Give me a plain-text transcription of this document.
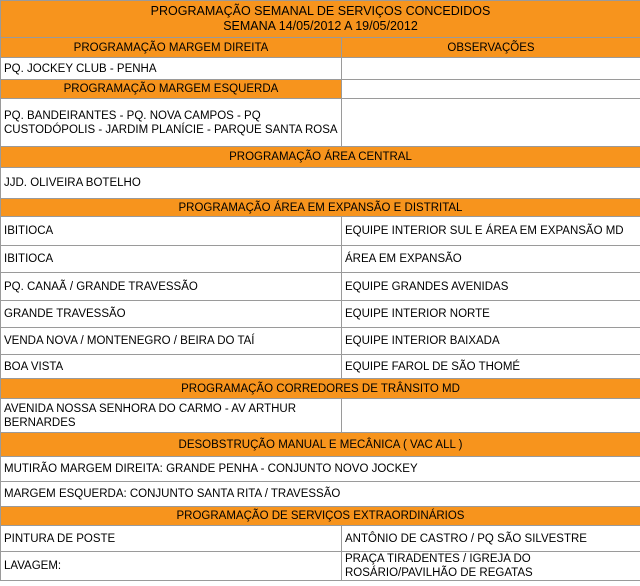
PROGRAMAÇÃO SEMANAL DE SERVIÇOS CONCEDIDOS
SEMANA 14/05/2012 A 19/05/2012	

PROGRAMAÇÃO MARGEM DIREITA	OBSERVAÇÕES
PQ. JOCKEY CLUB - PENHA	
PROGRAMAÇÃO MARGEM ESQUERDA	
PQ. BANDEIRANTES - PQ. NOVA CAMPOS - PQ CUSTODÓPOLIS - JARDIM PLANÍCIE - PARQUE SANTA ROSA	
PROGRAMAÇÃO ÁREA CENTRAL	
JJD. OLIVEIRA BOTELHO	
PROGRAMAÇÃO ÁREA EM EXPANSÃO E DISTRITAL	
IBITIOCA	EQUIPE INTERIOR SUL E ÁREA EM EXPANSÃO MD
IBITIOCA	ÁREA EM EXPANSÃO
PQ. CANAÃ / GRANDE TRAVESSÃO	EQUIPE GRANDES AVENIDAS
GRANDE TRAVESSÃO	EQUIPE INTERIOR NORTE
VENDA NOVA / MONTENEGRO / BEIRA DO TAÍ	EQUIPE INTERIOR BAIXADA
BOA VISTA	EQUIPE FAROL DE SÃO THOMÉ
PROGRAMAÇÃO CORREDORES DE TRÂNSITO MD	
AVENIDA NOSSA SENHORA DO CARMO - AV ARTHUR BERNARDES	
DESOBSTRUÇÃO MANUAL E MECÂNICA ( VAC ALL )	
MUTIRÃO MARGEM DIREITA: GRANDE PENHA - CONJUNTO NOVO JOCKEY	
MARGEM ESQUERDA: CONJUNTO SANTA RITA / TRAVESSÃO	
PROGRAMAÇÃO DE SERVIÇOS EXTRAORDINÁRIOS	
PINTURA DE POSTE	ANTÔNIO DE CASTRO / PQ SÃO SILVESTRE
LAVAGEM:	PRAÇA TIRADENTES / IGREJA DO ROSÁRIO/PAVILHÃO DE REGATAS
